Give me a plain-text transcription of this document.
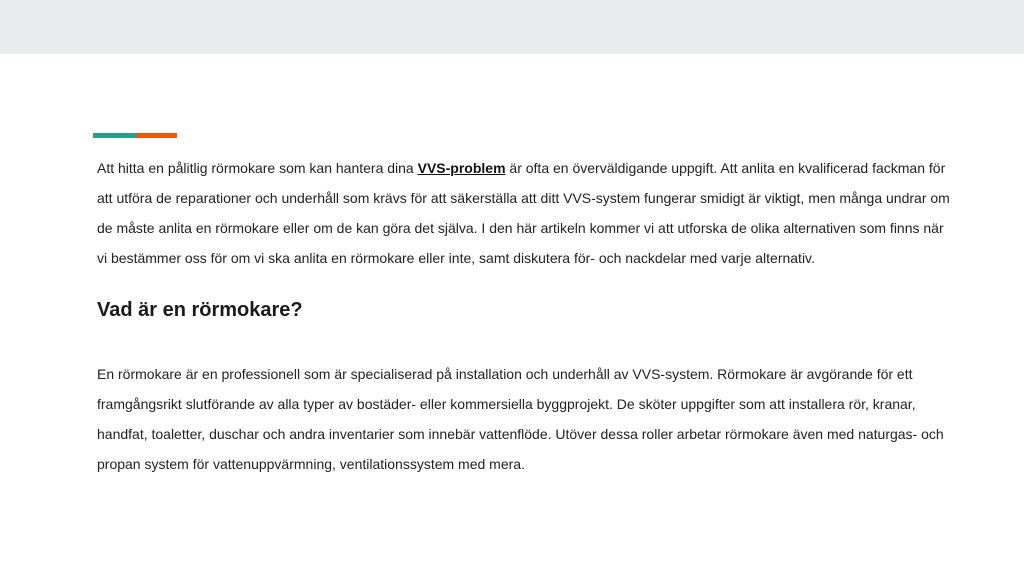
Att hitta en pålitlig rörmokare som kan hantera dina VVS-problem är ofta en överväldigande uppgift. Att anlita en kvalificerad fackman för att utföra de reparationer och underhåll som krävs för att säkerställa att ditt VVS-system fungerar smidigt är viktigt, men många undrar om de måste anlita en rörmokare eller om de kan göra det själva. I den här artikeln kommer vi att utforska de olika alternativen som finns när vi bestämmer oss för om vi ska anlita en rörmokare eller inte, samt diskutera för- och nackdelar med varje alternativ.

Vad är en rörmokare?

En rörmokare är en professionell som är specialiserad på installation och underhåll av VVS-system. Rörmokare är avgörande för ett framgångsrikt slutförande av alla typer av bostäder- eller kommersiella byggprojekt. De sköter uppgifter som att installera rör, kranar, handfat, toaletter, duschar och andra inventarier som innebär vattenflöde. Utöver dessa roller arbetar rörmokare även med naturgas- och propan system för vattenuppvärmning, ventilationssystem med mera.
